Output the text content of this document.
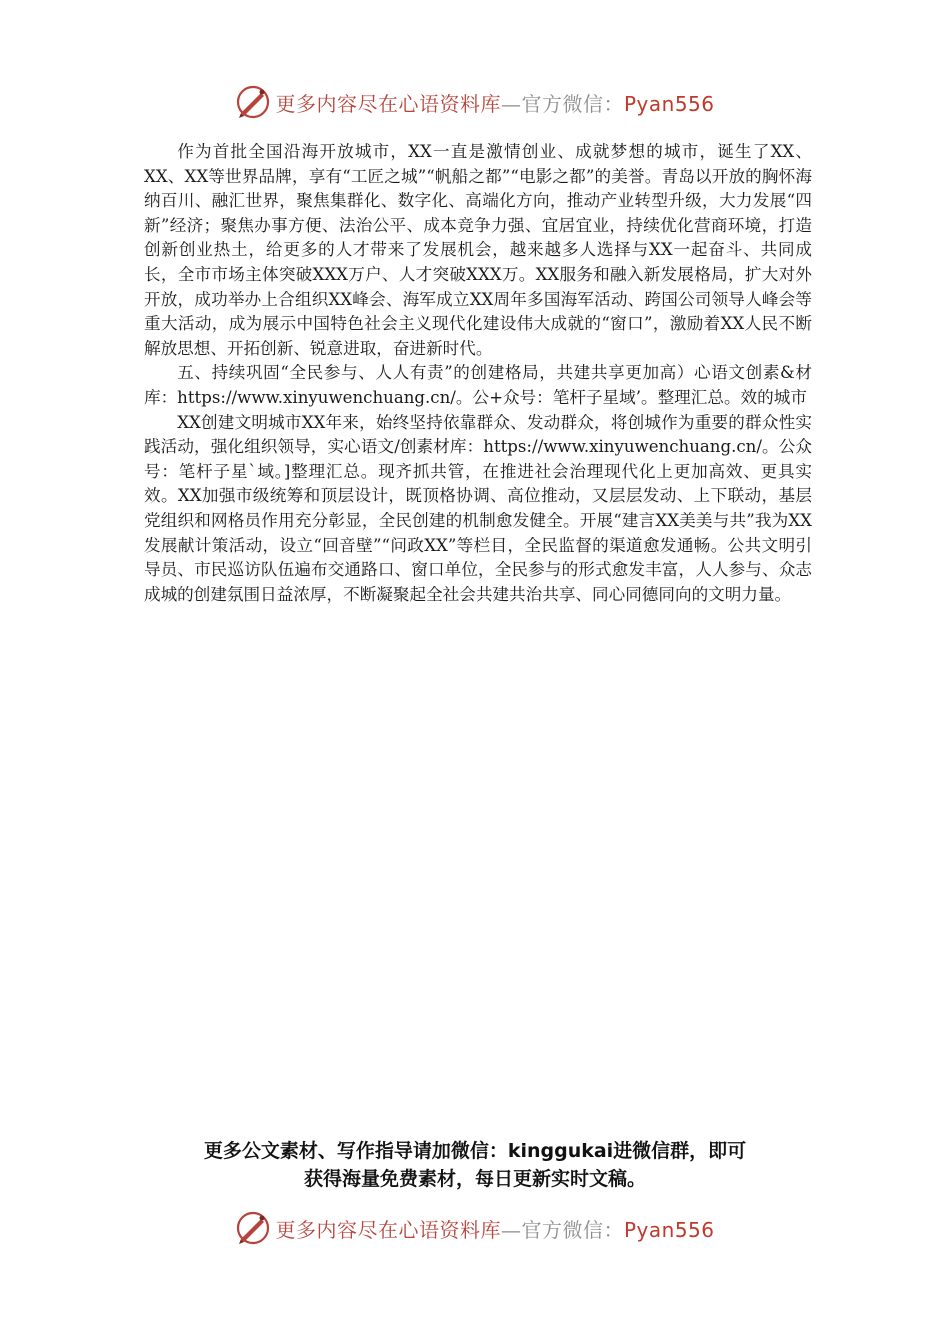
更多内容尽在心语资料库—官方微信：Pyan556

作为首批全国沿海开放城市，XX一直是激情创业、成就梦想的城市，诞生了XX、XX、XX等世界品牌，享有“工匠之城”“帆船之都”“电影之都”的美誉。青岛以开放的胸怀海纳百川、融汇世界，聚焦集群化、数字化、高端化方向，推动产业转型升级，大力发展“四新”经济；聚焦办事方便、法治公平、成本竞争力强、宜居宜业，持续优化营商环境，打造创新创业热土，给更多的人才带来了发展机会，越来越多人选择与XX一起奋斗、共同成长，全市市场主体突破XXX万户、人才突破XXX万。XX服务和融入新发展格局，扩大对外开放，成功举办上合组织XX峰会、海军成立XX周年多国海军活动、跨国公司领导人峰会等重大活动，成为展示中国特色社会主义现代化建设伟大成就的“窗口”，激励着XX人民不断解放思想、开拓创新、锐意进取，奋进新时代。

五、持续巩固“全民参与、人人有责”的创建格局，共建共享更加高）心语文创素&材库：https://www.xinyuwenchuang.cn/。公+众号：笔杆子星域’。整理汇总。效的城市

XX创建文明城市XX年来，始终坚持依靠群众、发动群众，将创城作为重要的群众性实践活动，强化组织领导，实心语文/创素材库：https://www.xinyuwenchuang.cn/。公众号：笔杆子星`域。]整理汇总。现齐抓共管，在推进社会治理现代化上更加高效、更具实效。XX加强市级统筹和顶层设计，既顶格协调、高位推动，又层层发动、上下联动，基层党组织和网格员作用充分彰显，全民创建的机制愈发健全。开展“建言XX美美与共”我为XX发展献计策活动，设立“回音壁”“问政XX”等栏目，全民监督的渠道愈发通畅。公共文明引导员、市民巡访队伍遍布交通路口、窗口单位，全民参与的形式愈发丰富，人人参与、众志成城的创建氛围日益浓厚，不断凝聚起全社会共建共治共享、同心同德同向的文明力量。

更多公文素材、写作指导请加微信：kinggukai进微信群，即可
获得海量免费素材，每日更新实时文稿。
更多内容尽在心语资料库—官方微信：Pyan556
